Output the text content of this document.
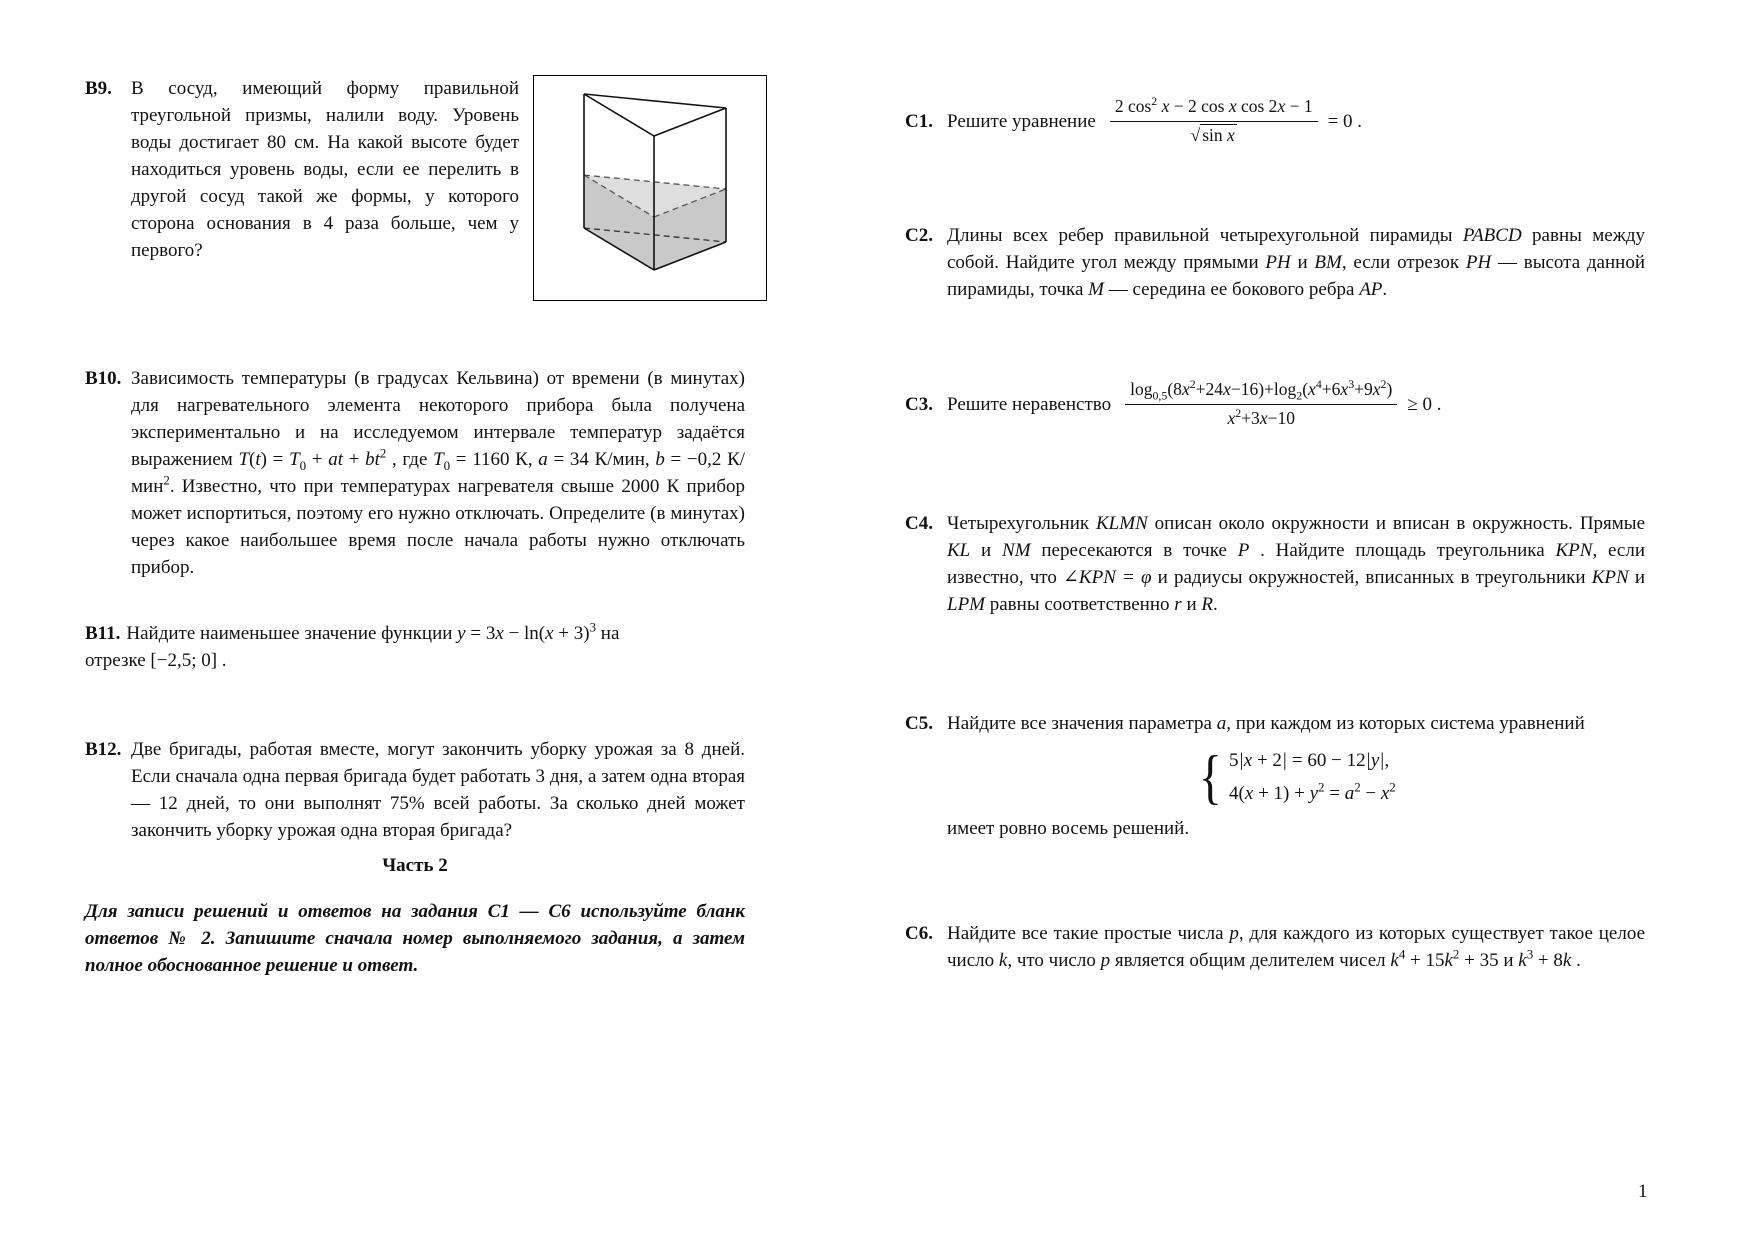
В9.	В сосуд, имеющий форму правильной треугольной призмы, налили воду. Уровень воды достигает 80 см. На какой высоте будет находиться уровень воды, если ее перелить в другой сосуд такой же формы, у которого сторона основания в 4 раза больше, чем у первого?
В10. Зависимость температуры (в градусах Кельвина) от времени (в минутах) для нагревательного элемента некоторого прибора была получена экспериментально и на исследуемом интервале температур задаётся выражением $T(t) = T_0$ + at + $bt^2$ , где $T_0 = 1160$ К, a = 34 К/мин, b = −0,2 К/мин$^2$. Известно, что при температурах нагревателя свыше 2000 К прибор может испортиться, поэтому его нужно отключать. Определите (в минутах) через какое наибольшее время после начала работы нужно отключать прибор.
В11. Найдите наименьшее значение функции $y = 3x - \ln(x + 3)^3$ на
отрезке [−2,5; 0] .
В12. Две бригады, работая вместе, могут закончить уборку урожая за 8 дней. Если сначала одна первая бригада будет работать 3 дня, а затем одна вторая — 12 дней, то они выполнят 75% всей работы. За сколько дней может закончить уборку урожая одна вторая бригада?
Часть 2
Для записи решений и ответов на задания С1 — С6 используйте бланк ответов № 2. Запишите сначала номер выполняемого задания, а затем полное обоснованное решение и ответ.
С1. Решите уравнение $\frac{2 \cos^2 x - 2 \cos x \cos 2x - 1}{\text{√ sin x}} = 0$ .
С2. Длины всех ребер правильной четырехугольной пирамиды PABCD равны между собой. Найдите угол между прямыми PH и BM, если отрезок PH — высота данной пирамиды, точка M — середина ее бокового ребра AP.
С3. Решите неравенство $\frac{\log_{0,5}(8x^2+24x-16)+\log_2(x^4+6x^3+9x^2)}{x^2+3x-10} \ge 0$ .
С4. Четырехугольник KLMN описан около окружности и вписан в окружность. Прямые KL и NM пересекаются в точке P . Найдите площадь треугольника KPN, если известно, что ∠KPN = φ и радиусы окружностей, вписанных в треугольники KPN и LPM равны соответственно r и R.
С5. Найдите все значения параметра a, при каждом из которых система уравнений
{ 5|x + 2| = 60 − 12|y|,
$4(x + 1) + y^2 = a^2 - x^2$
имеет ровно восемь решений.
С6. Найдите все такие простые числа p, для каждого из которых существует такое целое число k, что число p является общим делителем чисел $k^4 + 15k^2 + 35$ и $k^3 + 8k$ .
1
